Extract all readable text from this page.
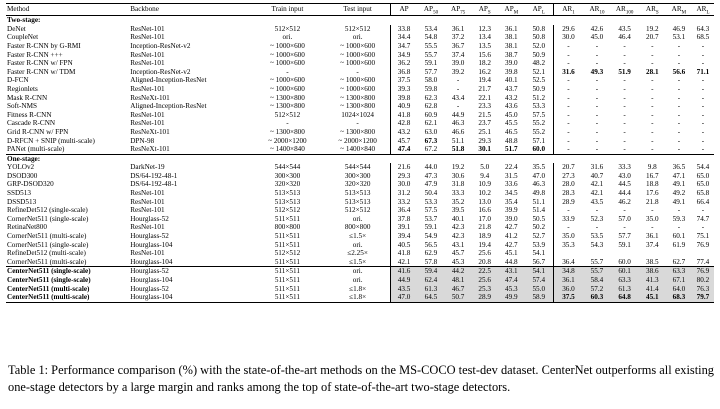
Method	Backbone	Train input	Test input	AP	$AP_{50}$	$AP_{75}$	$AP_S$	$AP_M$	$AP_L$	$AR_1$	$AR_{10}$	$AR_{100}$	$AR_S$	$AR_M$	$AR_L$
Two-stage:															
DeNet	ResNet-101	512×512	512×512	33.8	53.4	36.1	12.3	36.1	50.8	29.6	42.6	43.5	19.2	46.9	64.3
CoupleNet	ResNet-101	ori.	ori.	34.4	54.8	37.2	13.4	38.1	50.8	30.0	45.0	46.4	20.7	53.1	68.5
Faster R-CNN by G-RMI	Inception-ResNet-v2	~ 1000×600	~ 1000×600	34.7	55.5	36.7	13.5	38.1	52.0	-	-	-	-	-	-
Faster R-CNN +++	ResNet-101	~ 1000×600	~ 1000×600	34.9	55.7	37.4	15.6	38.7	50.9	-	-	-	-	-	-
Faster R-CNN w/ FPN	ResNet-101	~ 1000×600	~ 1000×600	36.2	59.1	39.0	18.2	39.0	48.2	-	-	-	-	-	-
Faster R-CNN w/ TDM	Inception-ResNet-v2	-	-	36.8	57.7	39.2	16.2	39.8	52.1	31.6	49.3	51.9	28.1	56.6	71.1
D-FCN	Aligned-Inception-ResNet	~ 1000×600	~ 1000×600	37.5	58.0	-	19.4	40.1	52.5	-	-	-	-	-	-
Regionlets	ResNet-101	~ 1000×600	~ 1000×600	39.3	59.8	-	21.7	43.7	50.9	-	-	-	-	-	-
Mask R-CNN	ResNeXt-101	~ 1300×800	~ 1300×800	39.8	62.3	43.4	22.1	43.2	51.2	-	-	-	-	-	-
Soft-NMS	Aligned-Inception-ResNet	~ 1300×800	~ 1300×800	40.9	62.8	-	23.3	43.6	53.3	-	-	-	-	-	-
Fitness R-CNN	ResNet-101	512×512	1024×1024	41.8	60.9	44.9	21.5	45.0	57.5	-	-	-	-	-	-
Cascade R-CNN	ResNet-101	-	-	42.8	62.1	46.3	23.7	45.5	55.2	-	-	-	-	-	-
Grid R-CNN w/ FPN	ResNeXt-101	~ 1300×800	~ 1300×800	43.2	63.0	46.6	25.1	46.5	55.2	-	-	-	-	-	-
D-RFCN + SNIP (multi-scale)	DPN-98	~ 2000×1200	~ 2000×1200	45.7	67.3	51.1	29.3	48.8	57.1	-	-	-	-	-	-
PANet (multi-scale)	ResNeXt-101	~ 1400×840	~ 1400×840	47.4	67.2	51.8	30.1	51.7	60.0	-	-	-	-	-	-
One-stage:															
YOLOv2	DarkNet-19	544×544	544×544	21.6	44.0	19.2	5.0	22.4	35.5	20.7	31.6	33.3	9.8	36.5	54.4
DSOD300	DS/64-192-48-1	300×300	300×300	29.3	47.3	30.6	9.4	31.5	47.0	27.3	40.7	43.0	16.7	47.1	65.0
GRP-DSOD320	DS/64-192-48-1	320×320	320×320	30.0	47.9	31.8	10.9	33.6	46.3	28.0	42.1	44.5	18.8	49.1	65.0
SSD513	ResNet-101	513×513	513×513	31.2	50.4	33.3	10.2	34.5	49.8	28.3	42.1	44.4	17.6	49.2	65.8
DSSD513	ResNet-101	513×513	513×513	33.2	53.3	35.2	13.0	35.4	51.1	28.9	43.5	46.2	21.8	49.1	66.4
RefineDet512 (single-scale)	ResNet-101	512×512	512×512	36.4	57.5	39.5	16.6	39.9	51.4	-	-	-	-	-	-
CornerNet511 (single-scale)	Hourglass-52	511×511	ori.	37.8	53.7	40.1	17.0	39.0	50.5	33.9	52.3	57.0	35.0	59.3	74.7
RetinaNet800	ResNet-101	800×800	800×800	39.1	59.1	42.3	21.8	42.7	50.2	-	-	-	-	-	-
CornerNet511 (multi-scale)	Hourglass-52	511×511	≤1.5×	39.4	54.9	42.3	18.9	41.2	52.7	35.0	53.5	57.7	36.1	60.1	75.1
CornerNet511 (single-scale)	Hourglass-104	511×511	ori.	40.5	56.5	43.1	19.4	42.7	53.9	35.3	54.3	59.1	37.4	61.9	76.9
RefineDet512 (multi-scale)	ResNet-101	512×512	≤2.25×	41.8	62.9	45.7	25.6	45.1	54.1						
CornerNet511 (multi-scale)	Hourglass-104	511×511	≤1.5×	42.1	57.8	45.3	20.8	44.8	56.7	36.4	55.7	60.0	38.5	62.7	77.4
CenterNet511 (single-scale)	Hourglass-52	511×511	ori.	41.6	59.4	44.2	22.5	43.1	54.1	34.8	55.7	60.1	38.6	63.3	76.9
CenterNet511 (single-scale)	Hourglass-104	511×511	ori.	44.9	62.4	48.1	25.6	47.4	57.4	36.1	58.4	63.3	41.3	67.1	80.2
CenterNet511 (multi-scale)	Hourglass-52	511×511	≤1.8×	43.5	61.3	46.7	25.3	45.3	55.0	36.0	57.2	61.3	41.4	64.0	76.3
CenterNet511 (multi-scale)	Hourglass-104	511×511	≤1.8×	47.0	64.5	50.7	28.9	49.9	58.9	37.5	60.3	64.8	45.1	68.3	79.7
Table 1: Performance comparison (%) with the state-of-the-art methods on the MS-COCO test-dev dataset. CenterNet outperforms all existing one-stage detectors by a large margin and ranks among the top of state-of-the-art two-stage detectors.
